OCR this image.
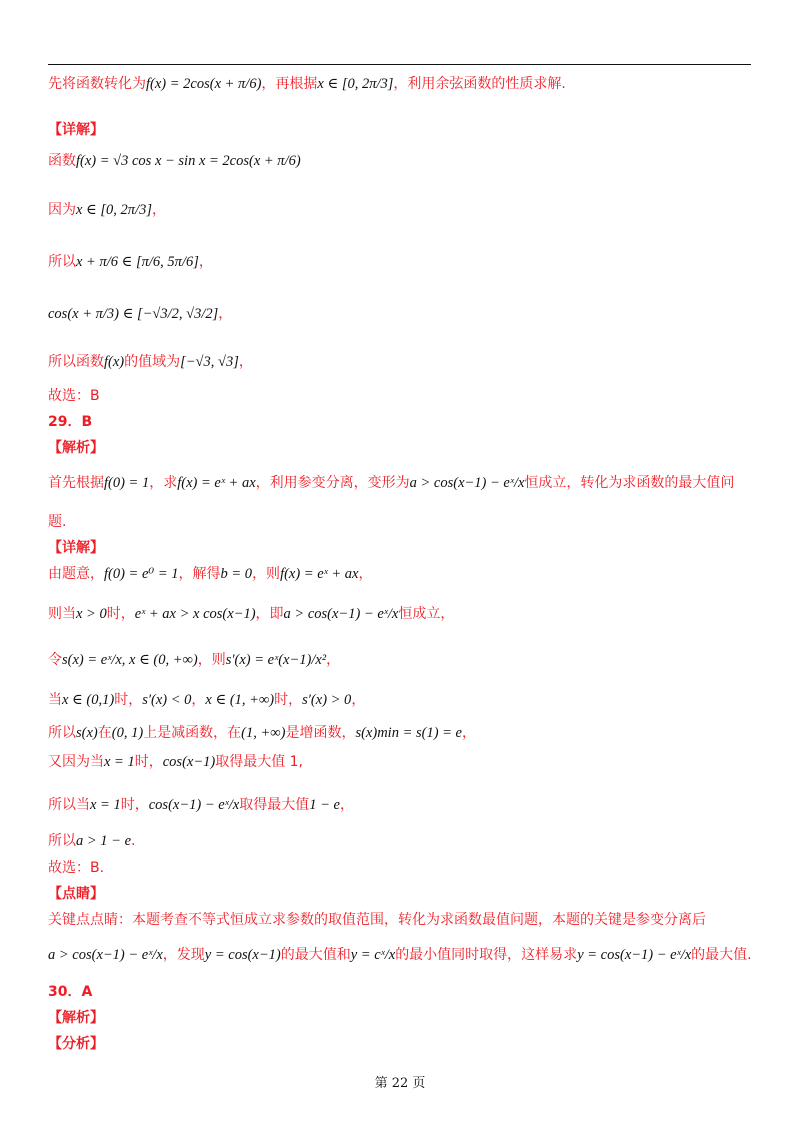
先将函数转化为f(x) = 2cos(x + π/6)，再根据x ∈ [0, 2π/3]，利用余弦函数的性质求解.
【详解】
函数f(x) = √3 cos x − sin x = 2cos(x + π/6)
因为x ∈ [0, 2π/3]，
所以x + π/6 ∈ [π/6, 5π/6]，
cos(x + π/3) ∈ [−√3/2, √3/2]，
所以函数f(x)的值域为[−√3, √3]，
故选：B
29．B
【解析】
首先根据f(0) = 1，求f(x) = eˣ + ax，利用参变分离，变形为a > cos(x−1) − eˣ/x恒成立，转化为求函数的最大值问
题.
【详解】
由题意，f(0) = e⁰ = 1，解得b = 0，则f(x) = eˣ + ax，
则当x > 0时，eˣ + ax > x cos(x−1)，即a > cos(x−1) − eˣ/x恒成立，
令s(x) = eˣ/x, x ∈ (0, +∞)，则s′(x) = eˣ(x−1)/x²，
当x ∈ (0,1)时，s′(x) < 0，x ∈ (1, +∞)时，s′(x) > 0，
所以s(x)在(0, 1)上是减函数，在(1, +∞)是增函数，s(x)min = s(1) = e，
又因为当x = 1时，cos(x−1)取得最大值 1,
所以当x = 1时，cos(x−1) − eˣ/x取得最大值1 − e，
所以a > 1 − e.
故选：B.
【点睛】
关键点点睛：本题考查不等式恒成立求参数的取值范围，转化为求函数最值问题，本题的关键是参变分离后
a > cos(x−1) − eˣ/x，发现y = cos(x−1)的最大值和y = cˣ/x的最小值同时取得，这样易求y = cos(x−1) − eˣ/x的最大值.
30．A
【解析】
【分析】
第 22 页
